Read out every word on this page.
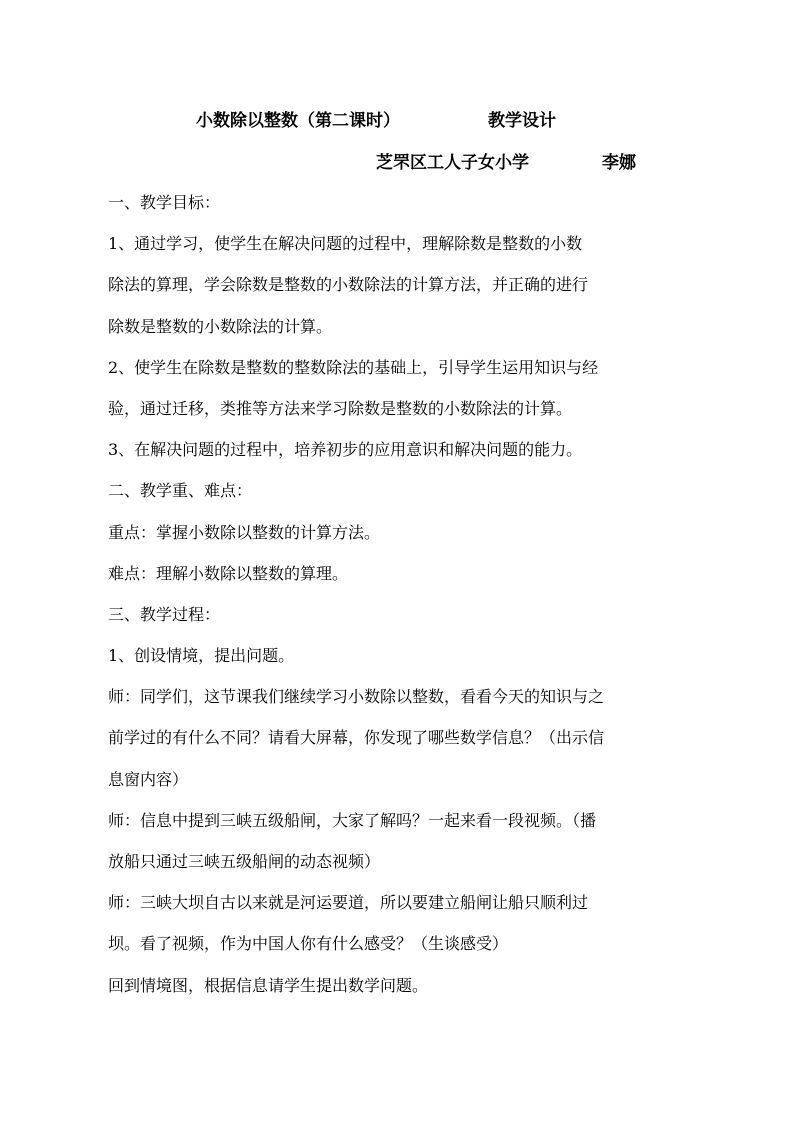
小数除以整数（第二课时）	教学设计
芝罘区工人子女小学	李娜
一、教学目标：
1、通过学习，使学生在解决问题的过程中，理解除数是整数的小数
除法的算理，学会除数是整数的小数除法的计算方法，并正确的进行
除数是整数的小数除法的计算。
2、使学生在除数是整数的整数除法的基础上，引导学生运用知识与经
验，通过迁移，类推等方法来学习除数是整数的小数除法的计算。
3、在解决问题的过程中，培养初步的应用意识和解决问题的能力。
二、教学重、难点：
重点：掌握小数除以整数的计算方法。
难点：理解小数除以整数的算理。
三、教学过程：
1、创设情境，提出问题。
师：同学们，这节课我们继续学习小数除以整数，看看今天的知识与之
前学过的有什么不同？请看大屏幕，你发现了哪些数学信息？（出示信
息窗内容）
师：信息中提到三峡五级船闸，大家了解吗？一起来看一段视频。（播
放船只通过三峡五级船闸的动态视频）
师：三峡大坝自古以来就是河运要道，所以要建立船闸让船只顺利过
坝。看了视频，作为中国人你有什么感受？（生谈感受）
回到情境图，根据信息请学生提出数学问题。
